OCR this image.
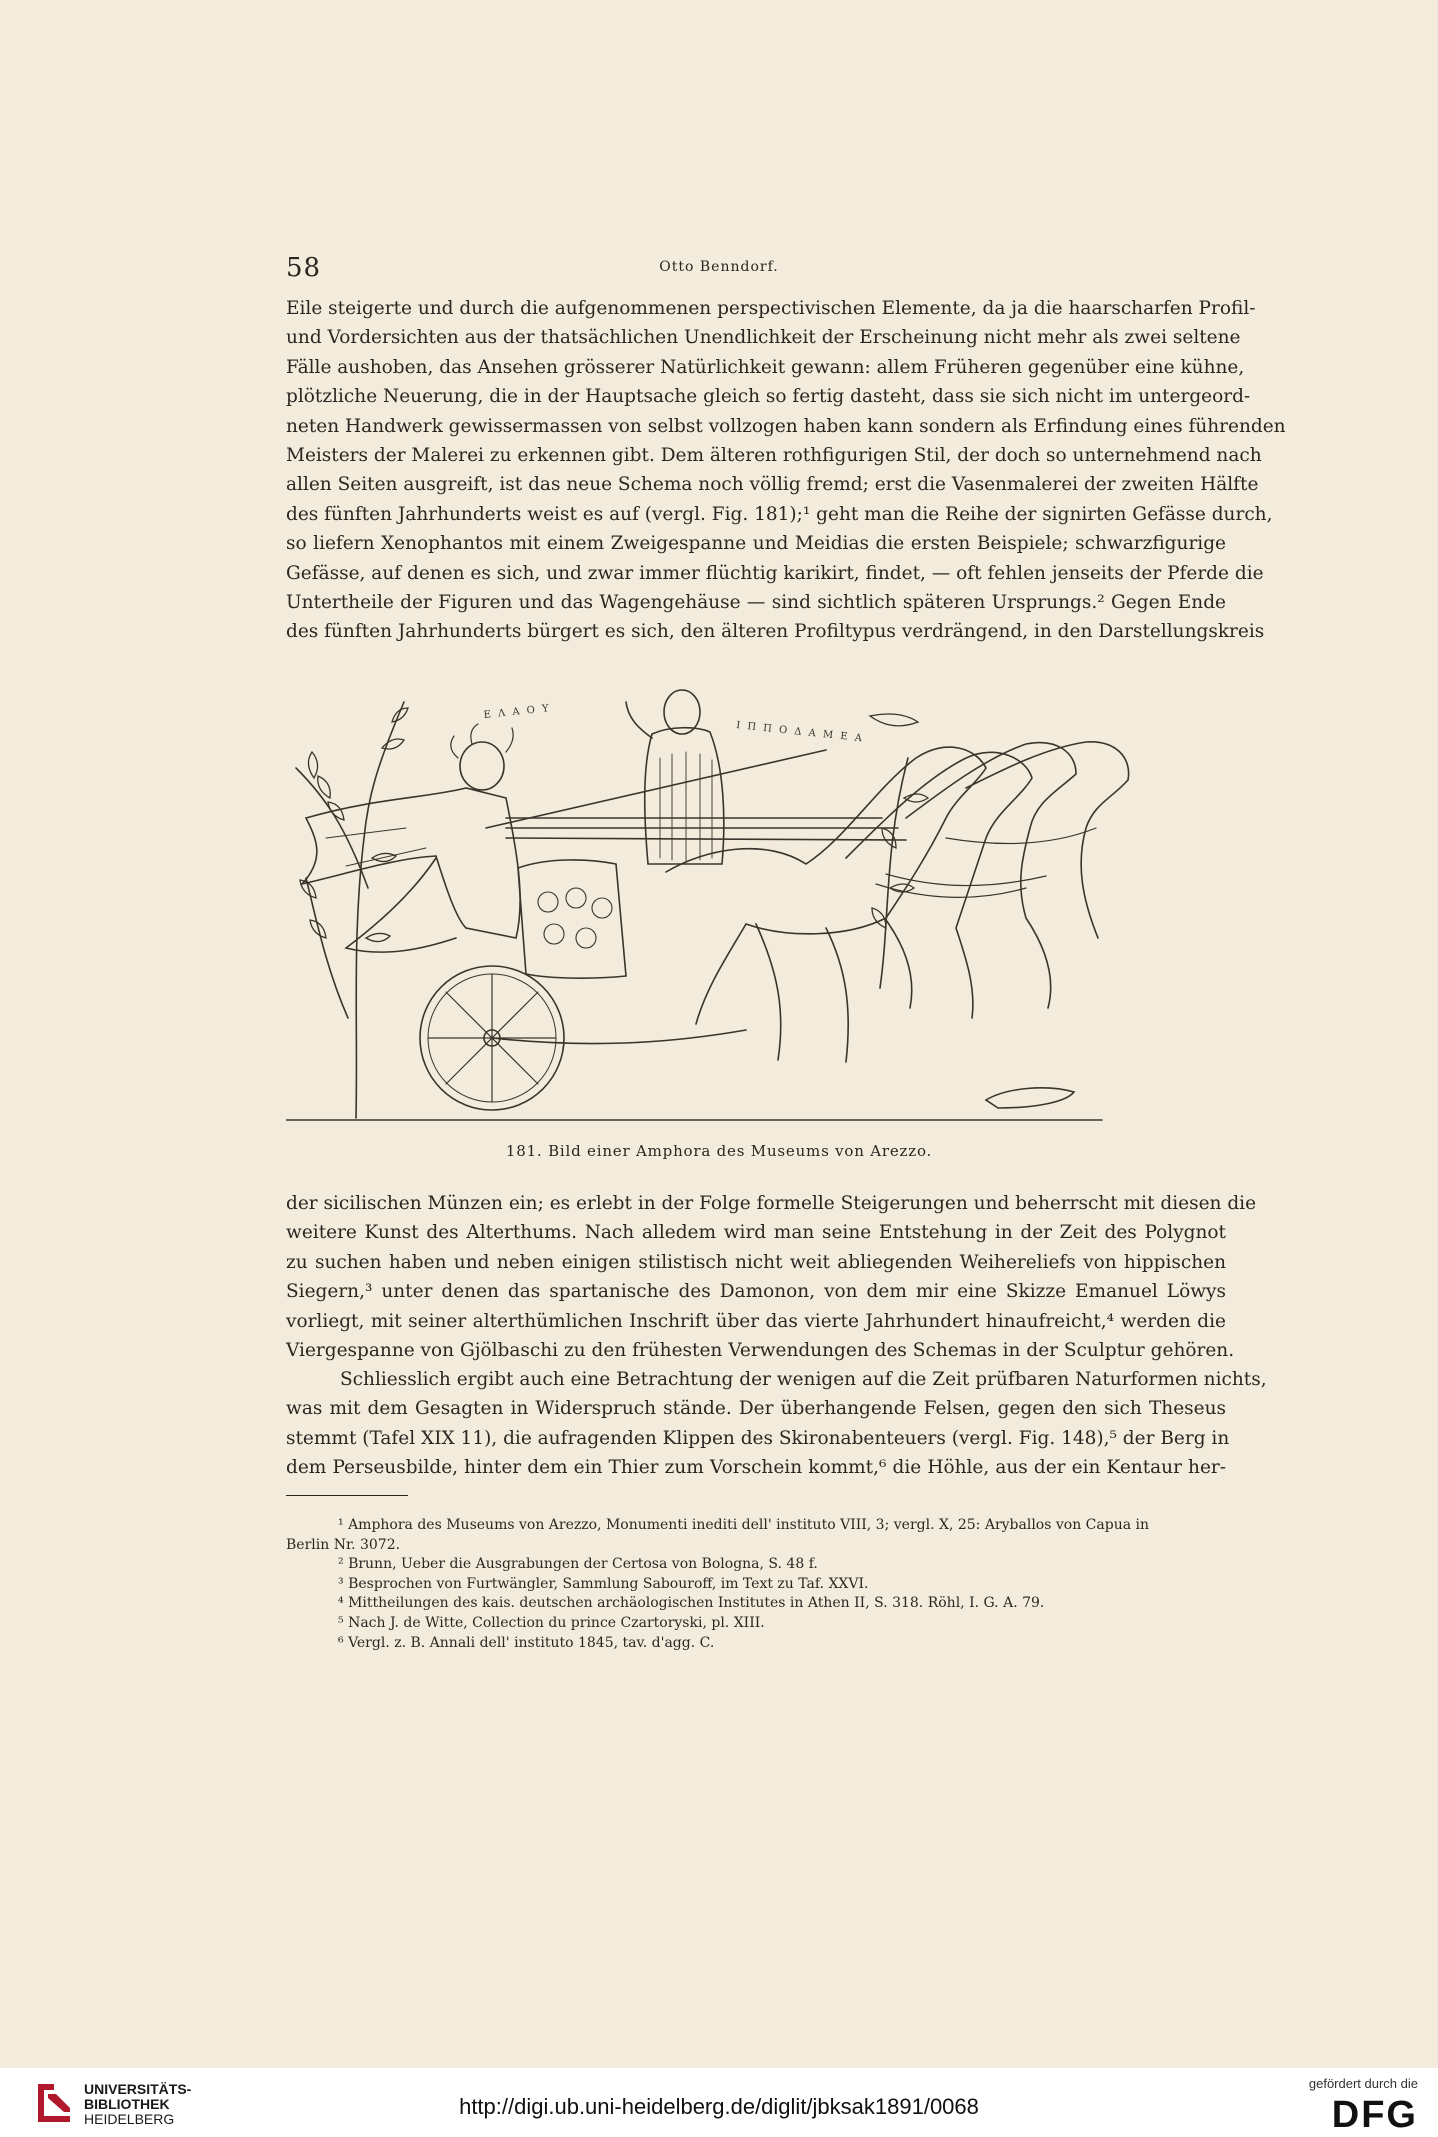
58	Otto Benndorf.

Eile steigerte und durch die aufgenommenen perspectivischen Elemente, da ja die haarscharfen Profil-
und Vordersichten aus der thatsächlichen Unendlichkeit der Erscheinung nicht mehr als zwei seltene
Fälle aushoben, das Ansehen grösserer Natürlichkeit gewann: allem Früheren gegenüber eine kühne,
plötzliche Neuerung, die in der Hauptsache gleich so fertig dasteht, dass sie sich nicht im untergeord-
neten Handwerk gewissermassen von selbst vollzogen haben kann sondern als Erfindung eines führenden
Meisters der Malerei zu erkennen gibt. Dem älteren rothfigurigen Stil, der doch so unternehmend nach
allen Seiten ausgreift, ist das neue Schema noch völlig fremd; erst die Vasenmalerei der zweiten Hälfte
des fünften Jahrhunderts weist es auf (vergl. Fig. 181);¹ geht man die Reihe der signirten Gefässe durch,
so liefern Xenophantos mit einem Zweigespanne und Meidias die ersten Beispiele; schwarzfigurige
Gefässe, auf denen es sich, und zwar immer flüchtig karikirt, findet, — oft fehlen jenseits der Pferde die
Untertheile der Figuren und das Wagengehäuse — sind sichtlich späteren Ursprungs.² Gegen Ende
des fünften Jahrhunderts bürgert es sich, den älteren Profiltypus verdrängend, in den Darstellungskreis

Ε Λ Α Ο Υ
Ι Π Π Ο Δ Α Μ Ε Α
181. Bild einer Amphora des Museums von Arezzo.

der sicilischen Münzen ein; es erlebt in der Folge formelle Steigerungen und beherrscht mit diesen die
weitere Kunst des Alterthums. Nach alledem wird man seine Entstehung in der Zeit des Polygnot
zu suchen haben und neben einigen stilistisch nicht weit abliegenden Weihereliefs von hippischen
Siegern,³ unter denen das spartanische des Damonon, von dem mir eine Skizze Emanuel Löwys
vorliegt, mit seiner alterthümlichen Inschrift über das vierte Jahrhundert hinaufreicht,⁴ werden die
Viergespanne von Gjölbaschi zu den frühesten Verwendungen des Schemas in der Sculptur gehören.

Schliesslich ergibt auch eine Betrachtung der wenigen auf die Zeit prüfbaren Naturformen nichts,
was mit dem Gesagten in Widerspruch stände. Der überhangende Felsen, gegen den sich Theseus
stemmt (Tafel XIX 11), die aufragenden Klippen des Skironabenteuers (vergl. Fig. 148),⁵ der Berg in
dem Perseusbilde, hinter dem ein Thier zum Vorschein kommt,⁶ die Höhle, aus der ein Kentaur her-

¹ Amphora des Museums von Arezzo, Monumenti inediti dell' instituto VIII, 3; vergl. X, 25: Aryballos von Capua in
Berlin Nr. 3072.
² Brunn, Ueber die Ausgrabungen der Certosa von Bologna, S. 48 f.
³ Besprochen von Furtwängler, Sammlung Sabouroff, im Text zu Taf. XXVI.
⁴ Mittheilungen des kais. deutschen archäologischen Institutes in Athen II, S. 318. Röhl, I. G. A. 79.
⁵ Nach J. de Witte, Collection du prince Czartoryski, pl. XIII.
⁶ Vergl. z. B. Annali dell' instituto 1845, tav. d'agg. C.
UNIVERSITÄTS-
BIBLIOTHEK
HEIDELBERG	http://digi.ub.uni-heidelberg.de/diglit/jbksak1891/0068
gefördert durch die
DFG
